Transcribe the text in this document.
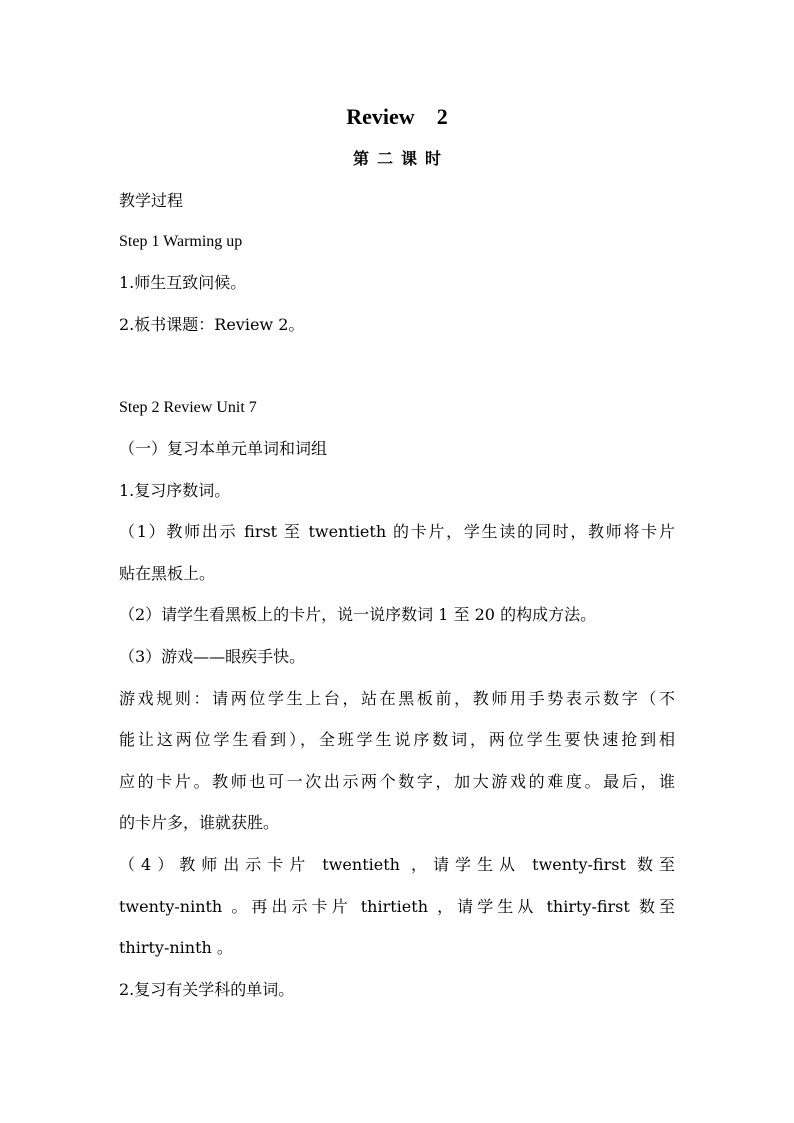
Review    2
第二课时
教学过程
Step 1 Warming up
1.师生互致问候。
2.板书课题：Review 2。
Step 2 Review Unit 7
（一）复习本单元单词和词组
1.复习序数词。
（1）教师出示 first 至 twentieth 的卡片，学生读的同时，教师将卡片
贴在黑板上。
（2）请学生看黑板上的卡片，说一说序数词 1 至 20 的构成方法。
（3）游戏——眼疾手快。
游戏规则：请两位学生上台，站在黑板前，教师用手势表示数字（不
能让这两位学生看到），全班学生说序数词，两位学生要快速抢到相
应的卡片。教师也可一次出示两个数字，加大游戏的难度。最后，谁
的卡片多，谁就获胜。
（4）教师出示卡片 twentieth ，请学生从 twenty-first 数至
twenty-ninth 。再出示卡片 thirtieth ，请学生从 thirty-first 数至
thirty-ninth 。
2.复习有关学科的单词。
